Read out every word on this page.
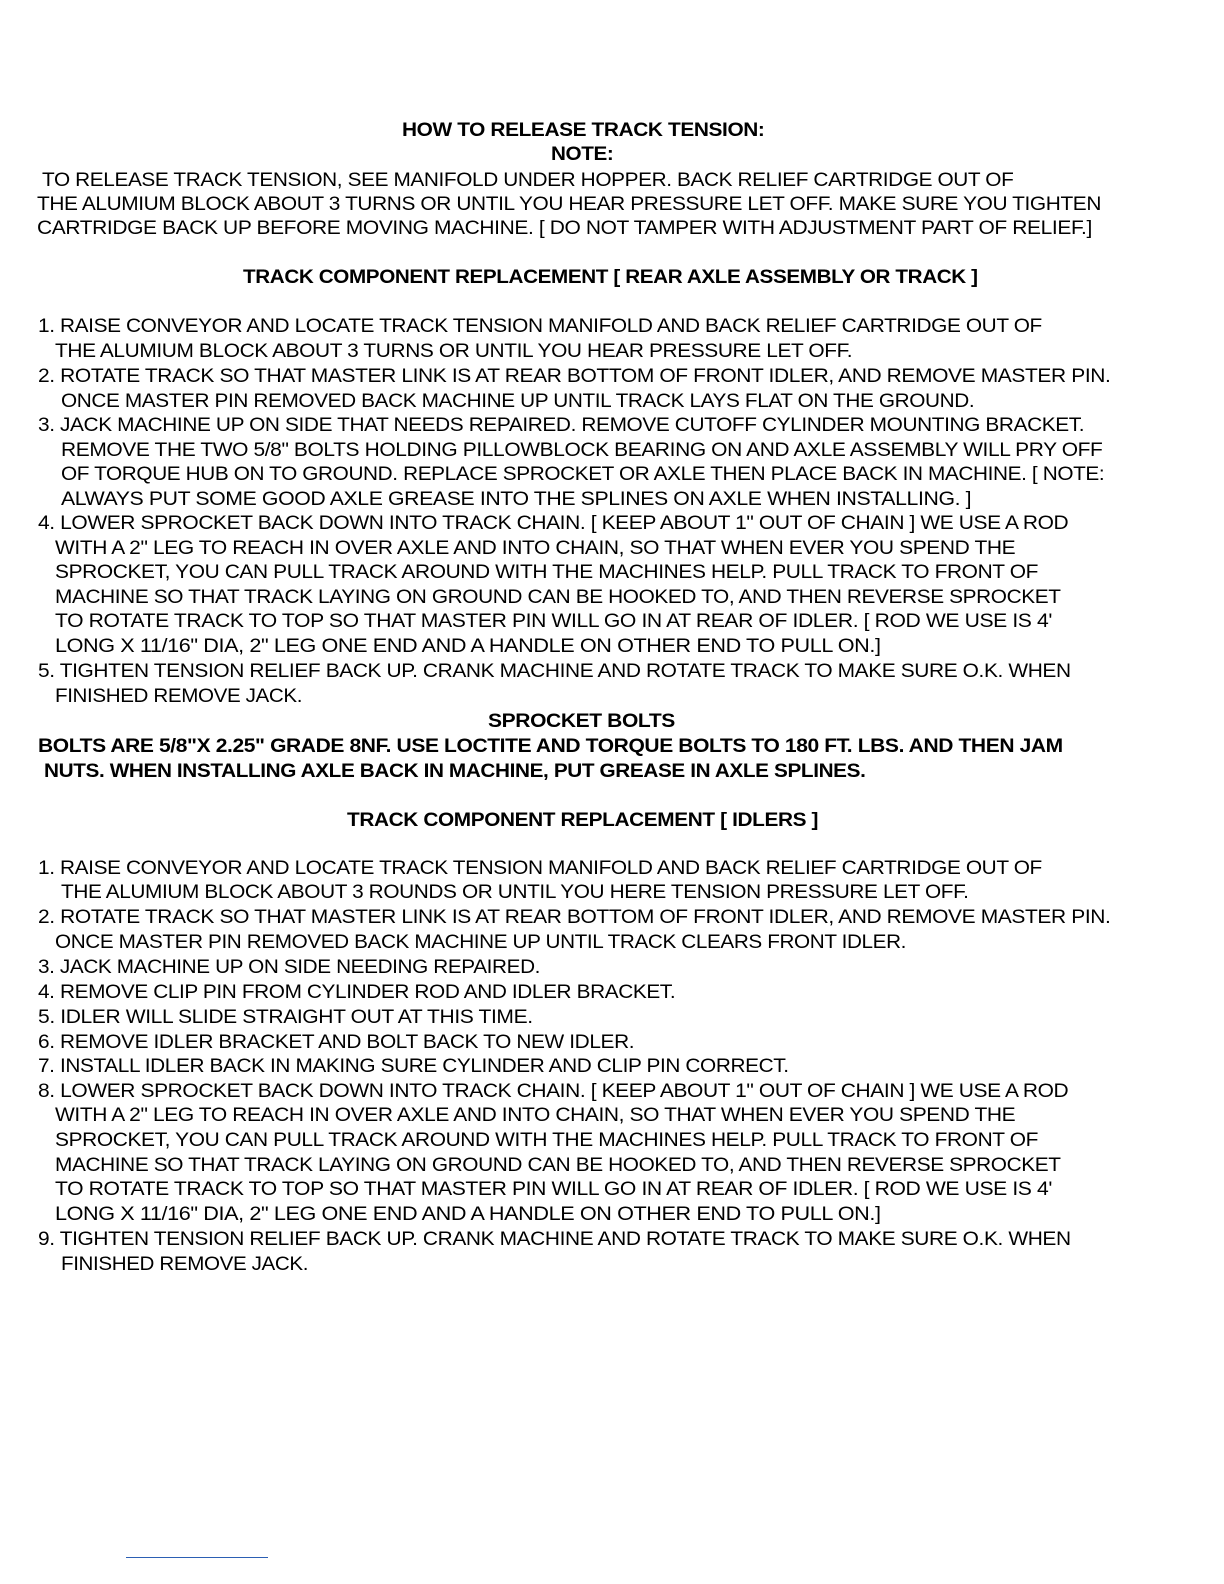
HOW TO RELEASE TRACK TENSION:
NOTE:
TO RELEASE TRACK TENSION, SEE MANIFOLD UNDER HOPPER. BACK RELIEF CARTRIDGE OUT OF
THE ALUMIUM BLOCK ABOUT 3 TURNS OR UNTIL YOU HEAR PRESSURE LET OFF. MAKE SURE YOU TIGHTEN
CARTRIDGE BACK UP BEFORE MOVING MACHINE. [ DO NOT TAMPER WITH ADJUSTMENT PART OF RELIEF.]
TRACK COMPONENT REPLACEMENT [ REAR AXLE ASSEMBLY OR TRACK ]
1. RAISE CONVEYOR AND LOCATE TRACK TENSION MANIFOLD AND BACK RELIEF CARTRIDGE OUT OF
THE ALUMIUM BLOCK ABOUT 3 TURNS OR UNTIL YOU HEAR PRESSURE LET OFF.
2. ROTATE TRACK SO THAT MASTER LINK IS AT REAR BOTTOM OF FRONT IDLER, AND REMOVE MASTER PIN.
ONCE MASTER PIN REMOVED BACK MACHINE UP UNTIL TRACK LAYS FLAT ON THE GROUND.
3. JACK MACHINE UP ON SIDE THAT NEEDS REPAIRED. REMOVE CUTOFF CYLINDER MOUNTING BRACKET.
REMOVE THE TWO 5/8" BOLTS HOLDING PILLOWBLOCK BEARING ON AND AXLE ASSEMBLY WILL PRY OFF
OF TORQUE HUB ON TO GROUND. REPLACE SPROCKET OR AXLE THEN PLACE BACK IN MACHINE. [ NOTE:
ALWAYS PUT SOME GOOD AXLE GREASE INTO THE SPLINES ON AXLE WHEN INSTALLING. ]
4. LOWER SPROCKET BACK DOWN INTO TRACK CHAIN. [ KEEP ABOUT 1" OUT OF CHAIN ] WE USE A ROD
WITH A 2" LEG TO REACH IN OVER AXLE AND INTO CHAIN, SO THAT WHEN EVER YOU SPEND THE
SPROCKET, YOU CAN PULL TRACK AROUND WITH THE MACHINES HELP. PULL TRACK TO FRONT OF
MACHINE SO THAT TRACK LAYING ON GROUND CAN BE HOOKED TO, AND THEN REVERSE SPROCKET
TO ROTATE TRACK TO TOP SO THAT MASTER PIN WILL GO IN AT REAR OF IDLER. [ ROD WE USE IS 4'
LONG X 11/16" DIA, 2" LEG ONE END AND A HANDLE ON OTHER END TO PULL ON.]
5. TIGHTEN TENSION RELIEF BACK UP. CRANK MACHINE AND ROTATE TRACK TO MAKE SURE O.K. WHEN
FINISHED REMOVE JACK.
SPROCKET BOLTS
BOLTS ARE 5/8"X 2.25" GRADE 8NF. USE LOCTITE AND TORQUE BOLTS TO 180 FT. LBS. AND THEN JAM
NUTS. WHEN INSTALLING AXLE BACK IN MACHINE, PUT GREASE IN AXLE SPLINES.
TRACK COMPONENT REPLACEMENT [ IDLERS ]
1. RAISE CONVEYOR AND LOCATE TRACK TENSION MANIFOLD AND BACK RELIEF CARTRIDGE OUT OF
THE ALUMIUM BLOCK ABOUT 3 ROUNDS OR UNTIL YOU HERE TENSION PRESSURE LET OFF.
2. ROTATE TRACK SO THAT MASTER LINK IS AT REAR BOTTOM OF FRONT IDLER, AND REMOVE MASTER PIN.
ONCE MASTER PIN REMOVED BACK MACHINE UP UNTIL TRACK CLEARS FRONT IDLER.
3. JACK MACHINE UP ON SIDE NEEDING REPAIRED.
4. REMOVE CLIP PIN FROM CYLINDER ROD AND IDLER BRACKET.
5. IDLER WILL SLIDE STRAIGHT OUT AT THIS TIME.
6. REMOVE IDLER BRACKET AND BOLT BACK TO NEW IDLER.
7. INSTALL IDLER BACK IN MAKING SURE CYLINDER AND CLIP PIN CORRECT.
8. LOWER SPROCKET BACK DOWN INTO TRACK CHAIN. [ KEEP ABOUT 1" OUT OF CHAIN ] WE USE A ROD
WITH A 2" LEG TO REACH IN OVER AXLE AND INTO CHAIN, SO THAT WHEN EVER YOU SPEND THE
SPROCKET, YOU CAN PULL TRACK AROUND WITH THE MACHINES HELP. PULL TRACK TO FRONT OF
MACHINE SO THAT TRACK LAYING ON GROUND CAN BE HOOKED TO, AND THEN REVERSE SPROCKET
TO ROTATE TRACK TO TOP SO THAT MASTER PIN WILL GO IN AT REAR OF IDLER. [ ROD WE USE IS 4'
LONG X 11/16" DIA, 2" LEG ONE END AND A HANDLE ON OTHER END TO PULL ON.]
9. TIGHTEN TENSION RELIEF BACK UP. CRANK MACHINE AND ROTATE TRACK TO MAKE SURE O.K. WHEN
FINISHED REMOVE JACK.
